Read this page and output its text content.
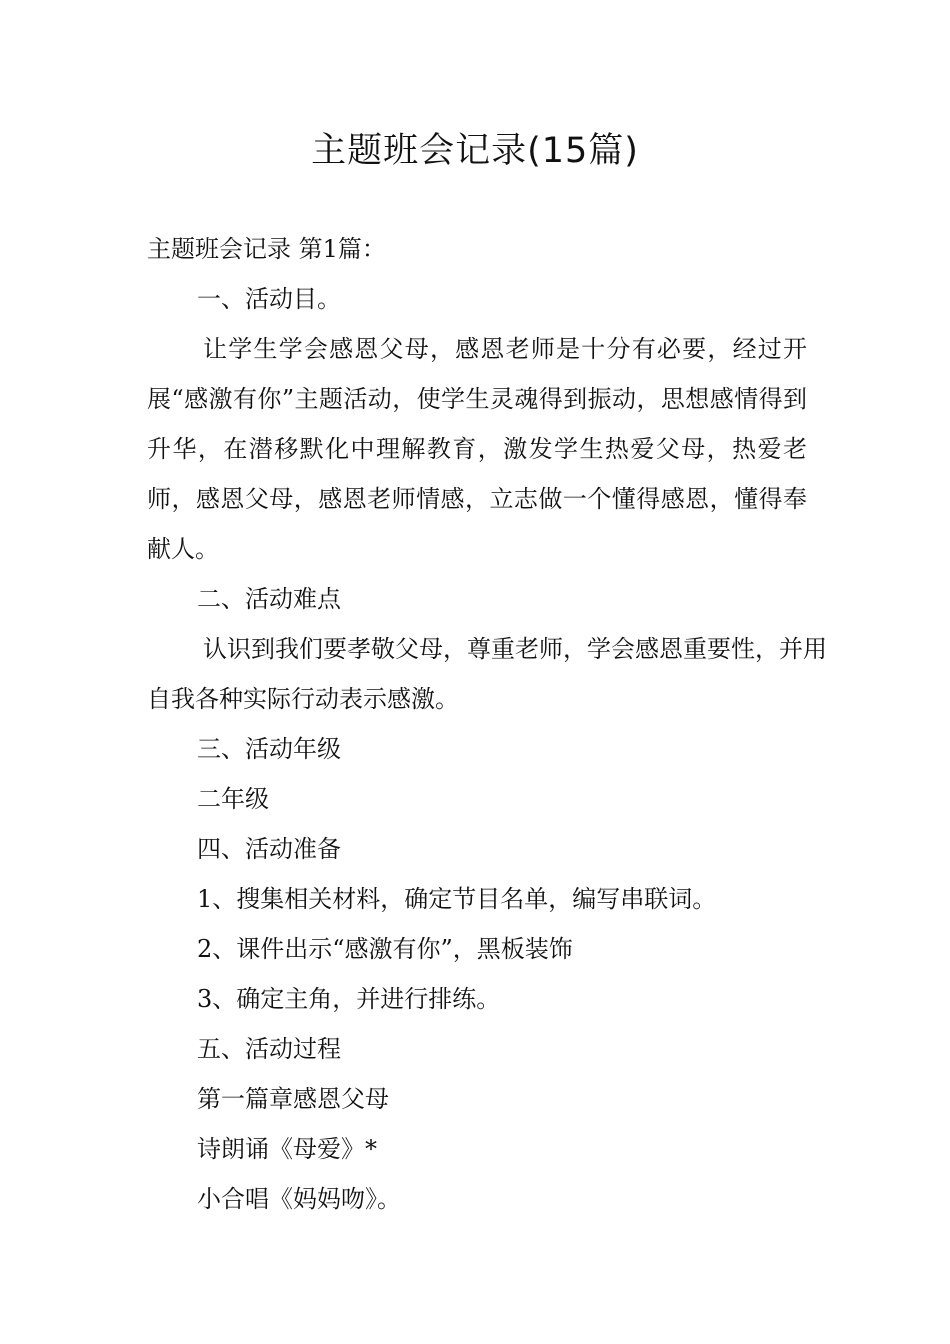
主题班会记录(15篇)
主题班会记录 第1篇：
一、活动目。
让学生学会感恩父母，感恩老师是十分有必要，经过开展“感激有你”主题活动，使学生灵魂得到振动，思想感情得到升华，在潜移默化中理解教育，激发学生热爱父母，热爱老师，感恩父母，感恩老师情感，立志做一个懂得感恩，懂得奉献人。
二、活动难点
认识到我们要孝敬父母，尊重老师，学会感恩重要性，并用自我各种实际行动表示感激。
三、活动年级
二年级
四、活动准备
1、搜集相关材料，确定节目名单，编写串联词。
2、课件出示“感激有你”，黑板装饰
3、确定主角，并进行排练。
五、活动过程
第一篇章感恩父母
诗朗诵《母爱》*
小合唱《妈妈吻》。
